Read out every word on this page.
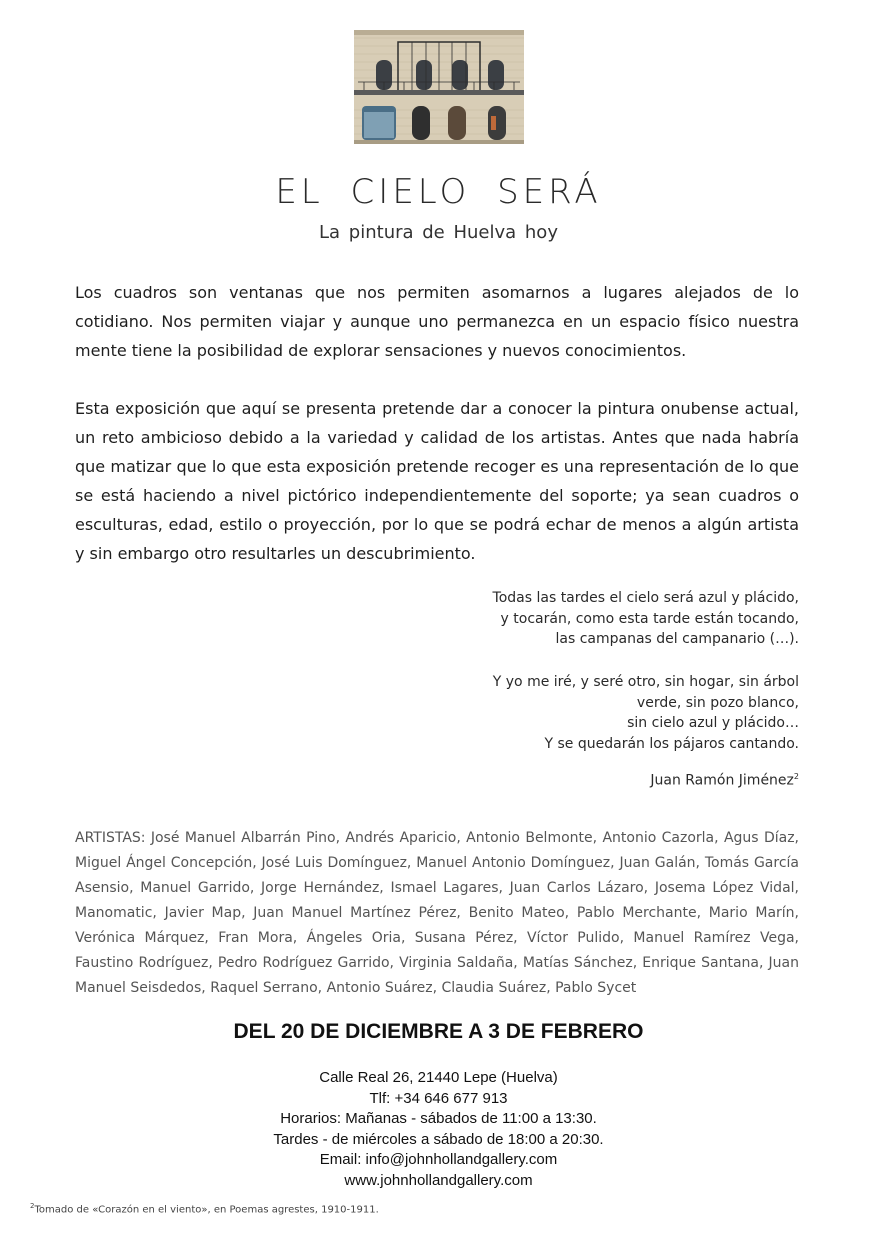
EL CIELO SERÁ
La pintura de Huelva hoy

Los cuadros son ventanas que nos permiten asomarnos a lugares alejados de lo cotidiano. Nos permiten viajar y aunque uno permanezca en un espacio físico nuestra mente tiene la posibilidad de explorar sensaciones y nuevos conocimientos.

Esta exposición que aquí se presenta pretende dar a conocer la pintura onubense actual, un reto ambicioso debido a la variedad y calidad de los artistas. Antes que nada habría que matizar que lo que esta exposición pretende recoger es una representación de lo que se está haciendo a nivel pictórico independientemente del soporte; ya sean cuadros o esculturas, edad, estilo o proyección, por lo que se podrá echar de menos a algún artista y sin embargo otro resultarles un descubrimiento.

Todas las tardes el cielo será azul y plácido,
y tocarán, como esta tarde están tocando,
las campanas del campanario (…).
Y yo me iré, y seré otro, sin hogar, sin árbol
verde, sin pozo blanco,
sin cielo azul y plácido…
Y se quedarán los pájaros cantando.
Juan Ramón Jiménez$^2$

ARTISTAS: José Manuel Albarrán Pino, Andrés Aparicio, Antonio Belmonte, Antonio Cazorla, Agus Díaz, Miguel Ángel Concepción, José Luis Domínguez, Manuel Antonio Domínguez, Juan Galán, Tomás García Asensio, Manuel Garrido, Jorge Hernández, Ismael Lagares, Juan Carlos Lázaro, Josema López Vidal, Manomatic, Javier Map, Juan Manuel Martínez Pérez, Benito Mateo, Pablo Merchante, Mario Marín, Verónica Márquez, Fran Mora, Ángeles Oria, Susana Pérez, Víctor Pulido, Manuel Ramírez Vega, Faustino Rodríguez, Pedro Rodríguez Garrido, Virginia Saldaña, Matías Sánchez, Enrique Santana, Juan Manuel Seisdedos, Raquel Serrano, Antonio Suárez, Claudia Suárez, Pablo Sycet

DEL 20 DE DICIEMBRE A 3 DE FEBRERO
Calle Real 26, 21440 Lepe (Huelva)
Tlf: +34 646 677 913
Horarios: Mañanas - sábados de 11:00 a 13:30.
Tardes - de miércoles a sábado de 18:00 a 20:30.
Email: info@johnhollandgallery.com
www.johnhollandgallery.com
$^2$Tomado de «Corazón en el viento», en Poemas agrestes, 1910-1911.
